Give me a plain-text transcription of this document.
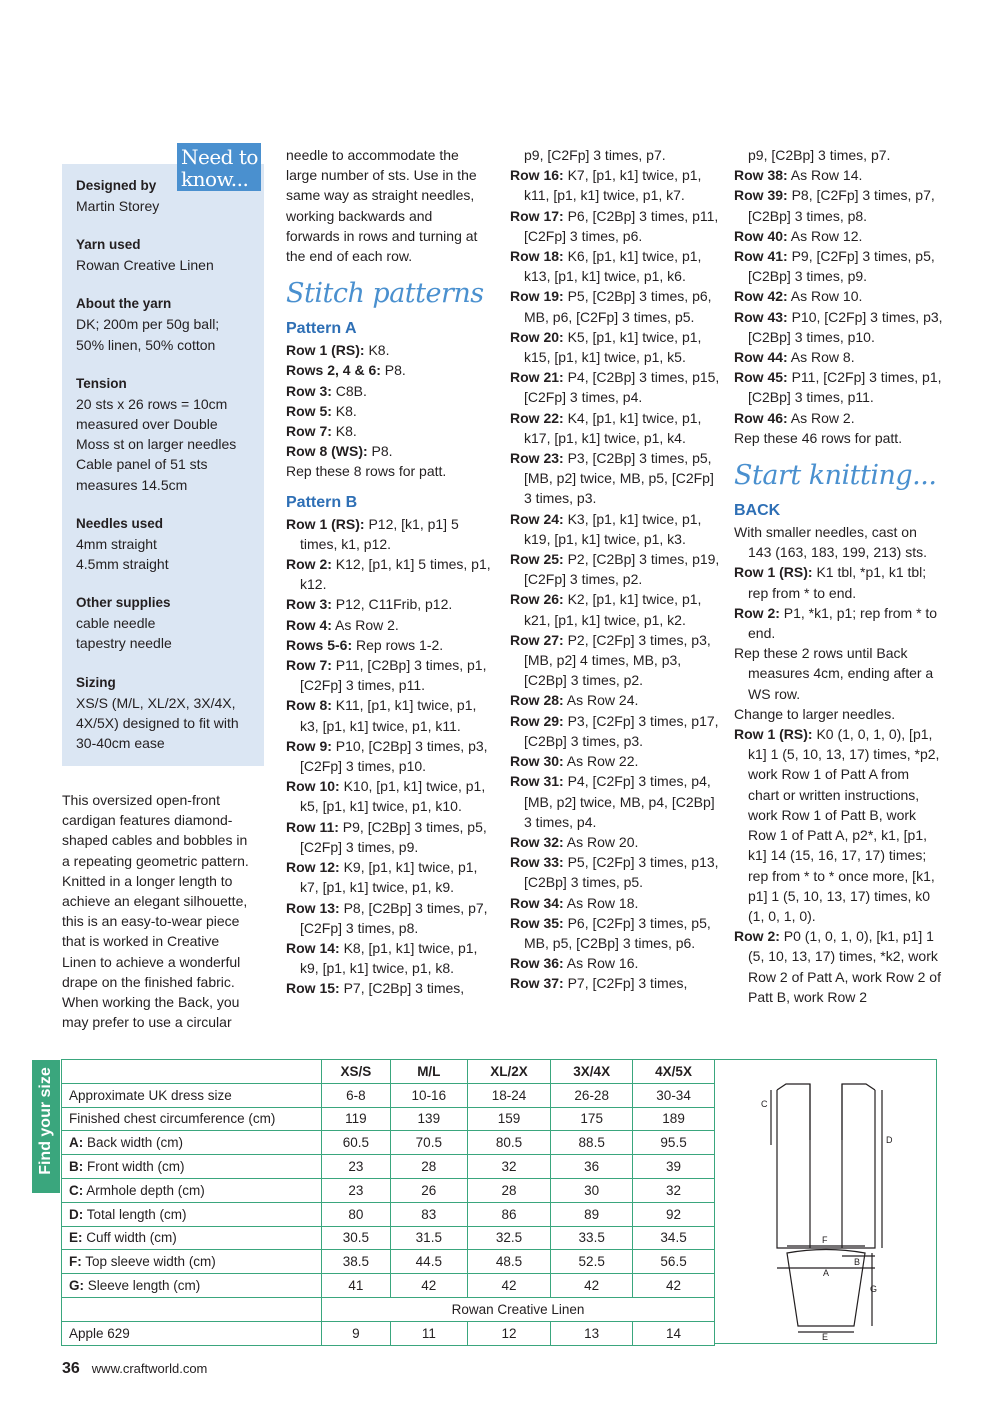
Designed by
Martin Storey
Yarn used
Rowan Creative Linen
About the yarn
DK; 200m per 50g ball;
50% linen, 50% cotton
Tension
20 sts x 26 rows = 10cm
measured over Double
Moss st on larger needles
Cable panel of 51 sts
measures 14.5cm
Needles used
4mm straight
4.5mm straight
Other supplies
cable needle
tapestry needle
Sizing
XS/S (M/L, XL/2X, 3X/4X,
4X/5X) designed to fit with
30-40cm ease
Need to
know...
This oversized open-front
cardigan features diamond-
shaped cables and bobbles in
a repeating geometric pattern.
Knitted in a longer length to
achieve an elegant silhouette,
this is an easy-to-wear piece
that is worked in Creative
Linen to achieve a wonderful
drape on the finished fabric.
When working the Back, you
may prefer to use a circular
needle to accommodate the
large number of sts. Use in the
same way as straight needles,
working backwards and
forwards in rows and turning at
the end of each row.
Stitch patterns
Pattern A
Row 1 (RS): K8.
Rows 2, 4 & 6: P8.
Row 3: C8B.
Row 5: K8.
Row 7: K8.
Row 8 (WS): P8.
Rep these 8 rows for patt.
Pattern B
Row 1 (RS): P12, [k1, p1] 5 times, k1, p12.
Row 2: K12, [p1, k1] 5 times, p1, k12.
Row 3: P12, C11Frib, p12.
Row 4: As Row 2.
Rows 5-6: Rep rows 1-2.
Row 7: P11, [C2Bp] 3 times, p1, [C2Fp] 3 times, p11.
Row 8: K11, [p1, k1] twice, p1, k3, [p1, k1] twice, p1, k11.
Row 9: P10, [C2Bp] 3 times, p3, [C2Fp] 3 times, p10.
Row 10: K10, [p1, k1] twice, p1, k5, [p1, k1] twice, p1, k10.
Row 11: P9, [C2Bp] 3 times, p5, [C2Fp] 3 times, p9.
Row 12: K9, [p1, k1] twice, p1, k7, [p1, k1] twice, p1, k9.
Row 13: P8, [C2Bp] 3 times, p7, [C2Fp] 3 times, p8.
Row 14: K8, [p1, k1] twice, p1, k9, [p1, k1] twice, p1, k8.
Row 15: P7, [C2Bp] 3 times,
p9, [C2Fp] 3 times, p7.
Row 16: K7, [p1, k1] twice, p1, k11, [p1, k1] twice, p1, k7.
Row 17: P6, [C2Bp] 3 times, p11, [C2Fp] 3 times, p6.
Row 18: K6, [p1, k1] twice, p1, k13, [p1, k1] twice, p1, k6.
Row 19: P5, [C2Bp] 3 times, p6, MB, p6, [C2Fp] 3 times, p5.
Row 20: K5, [p1, k1] twice, p1, k15, [p1, k1] twice, p1, k5.
Row 21: P4, [C2Bp] 3 times, p15, [C2Fp] 3 times, p4.
Row 22: K4, [p1, k1] twice, p1, k17, [p1, k1] twice, p1, k4.
Row 23: P3, [C2Bp] 3 times, p5, [MB, p2] twice, MB, p5, [C2Fp] 3 times, p3.
Row 24: K3, [p1, k1] twice, p1, k19, [p1, k1] twice, p1, k3.
Row 25: P2, [C2Bp] 3 times, p19, [C2Fp] 3 times, p2.
Row 26: K2, [p1, k1] twice, p1, k21, [p1, k1] twice, p1, k2.
Row 27: P2, [C2Fp] 3 times, p3, [MB, p2] 4 times, MB, p3, [C2Bp] 3 times, p2.
Row 28: As Row 24.
Row 29: P3, [C2Fp] 3 times, p17, [C2Bp] 3 times, p3.
Row 30: As Row 22.
Row 31: P4, [C2Fp] 3 times, p4, [MB, p2] twice, MB, p4, [C2Bp] 3 times, p4.
Row 32: As Row 20.
Row 33: P5, [C2Fp] 3 times, p13, [C2Bp] 3 times, p5.
Row 34: As Row 18.
Row 35: P6, [C2Fp] 3 times, p5, MB, p5, [C2Bp] 3 times, p6.
Row 36: As Row 16.
Row 37: P7, [C2Fp] 3 times,
p9, [C2Bp] 3 times, p7.
Row 38: As Row 14.
Row 39: P8, [C2Fp] 3 times, p7, [C2Bp] 3 times, p8.
Row 40: As Row 12.
Row 41: P9, [C2Fp] 3 times, p5, [C2Bp] 3 times, p9.
Row 42: As Row 10.
Row 43: P10, [C2Fp] 3 times, p3, [C2Bp] 3 times, p10.
Row 44: As Row 8.
Row 45: P11, [C2Fp] 3 times, p1, [C2Bp] 3 times, p11.
Row 46: As Row 2.
Rep these 46 rows for patt.
Start knitting...
BACK
With smaller needles, cast on 143 (163, 183, 199, 213) sts.
Row 1 (RS): K1 tbl, *p1, k1 tbl; rep from * to end.
Row 2: P1, *k1, p1; rep from * to end.
Rep these 2 rows until Back measures 4cm, ending after a WS row.
Change to larger needles.
Row 1 (RS): K0 (1, 0, 1, 0), [p1, k1] 1 (5, 10, 13, 17) times, *p2, work Row 1 of Patt A from chart or written instructions, work Row 1 of Patt B, work Row 1 of Patt A, p2*, k1, [p1, k1] 14 (15, 16, 17, 17) times; rep from * to * once more, [k1, p1] 1 (5, 10, 13, 17) times, k0 (1, 0, 1, 0).
Row 2: P0 (1, 0, 1, 0), [k1, p1] 1 (5, 10, 13, 17) times, *k2, work Row 2 of Patt A, work Row 2 of Patt B, work Row 2
Find your size
		XS/S	M/L	XL/2X	3X/4X	4X/5X
Approximate UK dress size	6-8	10-16	18-24	26-28	30-34
Finished chest circumference (cm)	119	139	159	175	189
A: Back width (cm)	60.5	70.5	80.5	88.5	95.5
B: Front width (cm)	23	28	32	36	39
C: Armhole depth (cm)	23	26	28	30	32
D: Total length (cm)	80	83	86	89	92
E: Cuff width (cm)	30.5	31.5	32.5	33.5	34.5
F: Top sleeve width (cm)	38.5	44.5	48.5	52.5	56.5
G: Sleeve length (cm)	41	42	42	42	42
	Rowan Creative Linen				
Apple 629	9	11	12	13	14
A
B
C
D
E
F
G
36 www.craftworld.com
